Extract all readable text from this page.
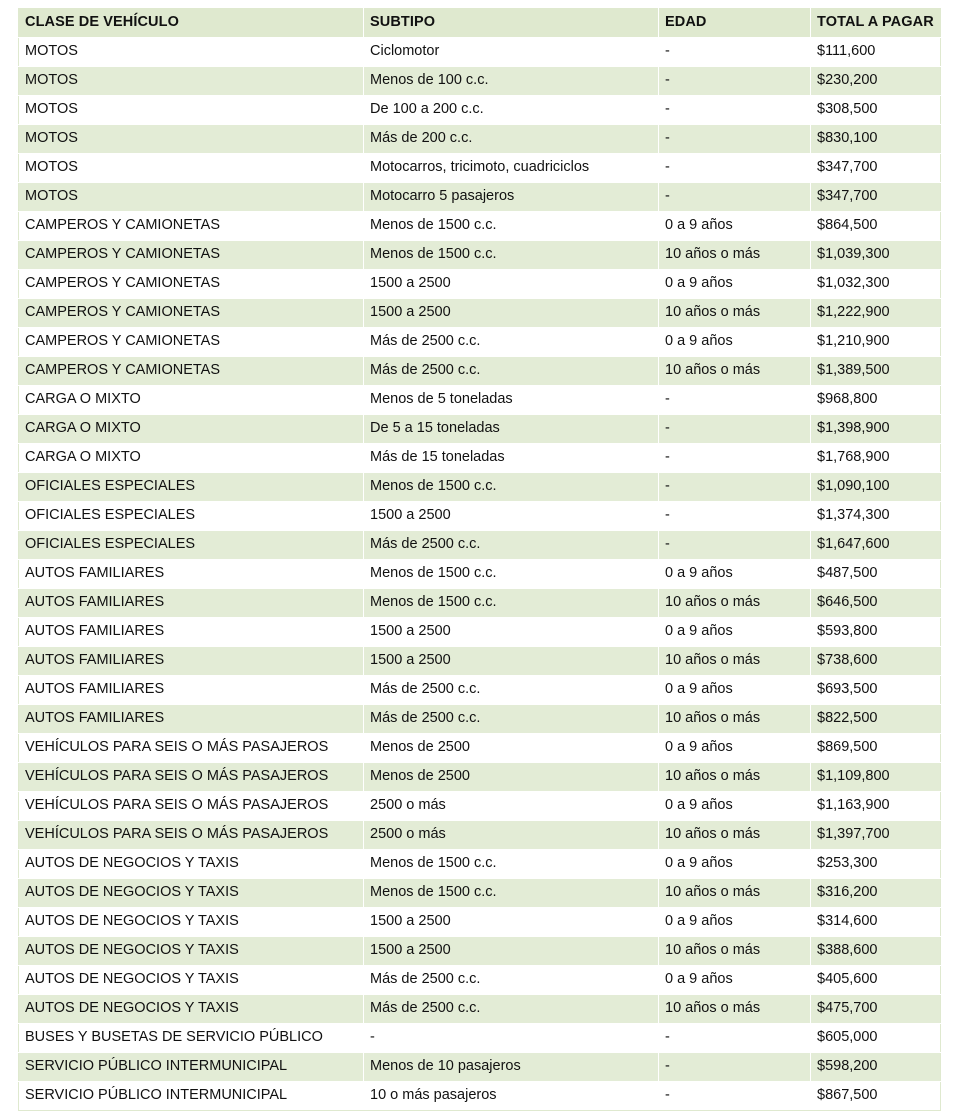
CLASE DE VEHÍCULO	SUBTIPO	EDAD	TOTAL A PAGAR
MOTOS	Ciclomotor	-	$111,600
MOTOS	Menos de 100 c.c.	-	$230,200
MOTOS	De 100 a 200 c.c.	-	$308,500
MOTOS	Más de 200 c.c.	-	$830,100
MOTOS	Motocarros, tricimoto, cuadriciclos	-	$347,700
MOTOS	Motocarro 5 pasajeros	-	$347,700
CAMPEROS Y CAMIONETAS	Menos de 1500 c.c.	0 a 9 años	$864,500
CAMPEROS Y CAMIONETAS	Menos de 1500 c.c.	10 años o más	$1,039,300
CAMPEROS Y CAMIONETAS	1500 a 2500	0 a 9 años	$1,032,300
CAMPEROS Y CAMIONETAS	1500 a 2500	10 años o más	$1,222,900
CAMPEROS Y CAMIONETAS	Más de 2500 c.c.	0 a 9 años	$1,210,900
CAMPEROS Y CAMIONETAS	Más de 2500 c.c.	10 años o más	$1,389,500
CARGA O MIXTO	Menos de 5 toneladas	-	$968,800
CARGA O MIXTO	De 5 a 15 toneladas	-	$1,398,900
CARGA O MIXTO	Más de 15 toneladas	-	$1,768,900
OFICIALES ESPECIALES	Menos de 1500 c.c.	-	$1,090,100
OFICIALES ESPECIALES	1500 a 2500	-	$1,374,300
OFICIALES ESPECIALES	Más de 2500 c.c.	-	$1,647,600
AUTOS FAMILIARES	Menos de 1500 c.c.	0 a 9 años	$487,500
AUTOS FAMILIARES	Menos de 1500 c.c.	10 años o más	$646,500
AUTOS FAMILIARES	1500 a 2500	0 a 9 años	$593,800
AUTOS FAMILIARES	1500 a 2500	10 años o más	$738,600
AUTOS FAMILIARES	Más de 2500 c.c.	0 a 9 años	$693,500
AUTOS FAMILIARES	Más de 2500 c.c.	10 años o más	$822,500
VEHÍCULOS PARA SEIS O MÁS PASAJEROS	Menos de 2500	0 a 9 años	$869,500
VEHÍCULOS PARA SEIS O MÁS PASAJEROS	Menos de 2500	10 años o más	$1,109,800
VEHÍCULOS PARA SEIS O MÁS PASAJEROS	2500 o más	0 a 9 años	$1,163,900
VEHÍCULOS PARA SEIS O MÁS PASAJEROS	2500 o más	10 años o más	$1,397,700
AUTOS DE NEGOCIOS Y TAXIS	Menos de 1500 c.c.	0 a 9 años	$253,300
AUTOS DE NEGOCIOS Y TAXIS	Menos de 1500 c.c.	10 años o más	$316,200
AUTOS DE NEGOCIOS Y TAXIS	1500 a 2500	0 a 9 años	$314,600
AUTOS DE NEGOCIOS Y TAXIS	1500 a 2500	10 años o más	$388,600
AUTOS DE NEGOCIOS Y TAXIS	Más de 2500 c.c.	0 a 9 años	$405,600
AUTOS DE NEGOCIOS Y TAXIS	Más de 2500 c.c.	10 años o más	$475,700
BUSES Y BUSETAS DE SERVICIO PÚBLICO	-	-	$605,000
SERVICIO PÚBLICO INTERMUNICIPAL	Menos de 10 pasajeros	-	$598,200
SERVICIO PÚBLICO INTERMUNICIPAL	10 o más pasajeros	-	$867,500
